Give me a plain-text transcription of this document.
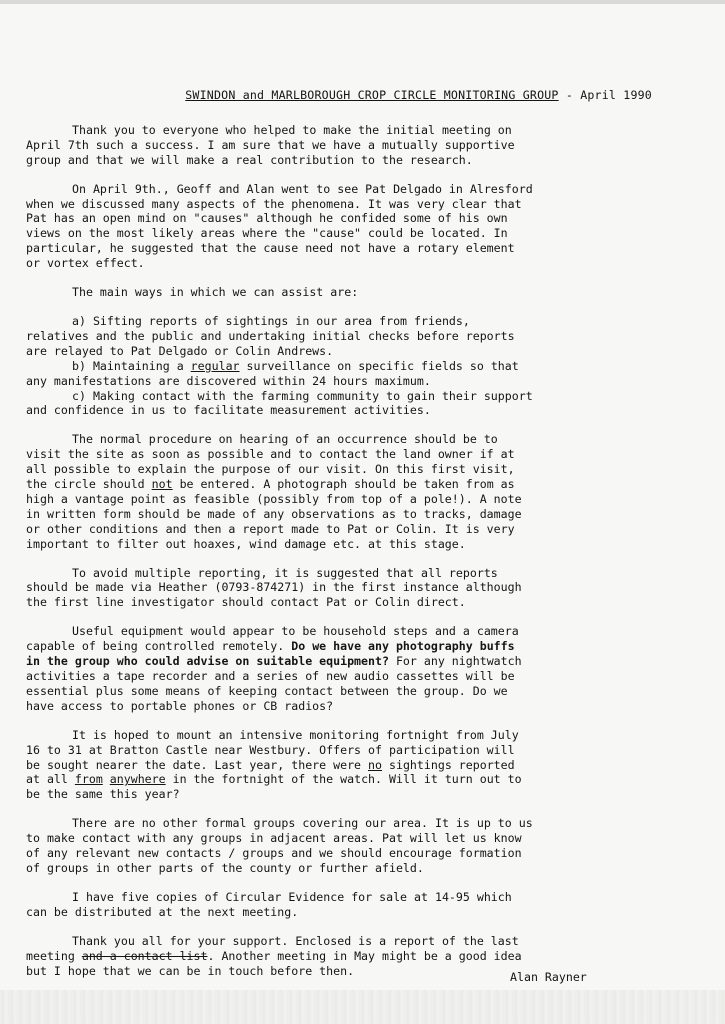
SWINDON and MARLBOROUGH CROP CIRCLE MONITORING GROUP - April 1990
Thank you to everyone who helped to make the initial meeting on
April 7th such a success. I am sure that we have a mutually supportive
group and that we will make a real contribution to the research.
On April 9th., Geoff and Alan went to see Pat Delgado in Alresford
when we discussed many aspects of the phenomena. It was very clear that
Pat has an open mind on "causes" although he confided some of his own
views on the most likely areas where the "cause" could be located. In
particular, he suggested that the cause need not have a rotary element
or vortex effect.
The main ways in which we can assist are:
a) Sifting reports of sightings in our area from friends,
relatives and the public and undertaking initial checks before reports
are relayed to Pat Delgado or Colin Andrews.
b) Maintaining a regular surveillance on specific fields so that
any manifestations are discovered within 24 hours maximum.
c) Making contact with the farming community to gain their support
and confidence in us to facilitate measurement activities.
The normal procedure on hearing of an occurrence should be to
visit the site as soon as possible and to contact the land owner if at
all possible to explain the purpose of our visit. On this first visit,
the circle should not be entered. A photograph should be taken from as
high a vantage point as feasible (possibly from top of a pole!). A note
in written form should be made of any observations as to tracks, damage
or other conditions and then a report made to Pat or Colin. It is very
important to filter out hoaxes, wind damage etc. at this stage.
To avoid multiple reporting, it is suggested that all reports
should be made via Heather (0793-874271) in the first instance although
the first line investigator should contact Pat or Colin direct.
Useful equipment would appear to be household steps and a camera
capable of being controlled remotely. Do we have any photography buffs
in the group who could advise on suitable equipment? For any nightwatch
activities a tape recorder and a series of new audio cassettes will be
essential plus some means of keeping contact between the group. Do we
have access to portable phones or CB radios?
It is hoped to mount an intensive monitoring fortnight from July
16 to 31 at Bratton Castle near Westbury. Offers of participation will
be sought nearer the date. Last year, there were no sightings reported
at all from anywhere in the fortnight of the watch. Will it turn out to
be the same this year?
There are no other formal groups covering our area. It is up to us
to make contact with any groups in adjacent areas. Pat will let us know
of any relevant new contacts / groups and we should encourage formation
of groups in other parts of the county or further afield.
I have five copies of Circular Evidence for sale at 14-95 which
can be distributed at the next meeting.
Thank you all for your support. Enclosed is a report of the last
meeting and a contact list. Another meeting in May might be a good idea
but I hope that we can be in touch before then.	Alan Rayner
